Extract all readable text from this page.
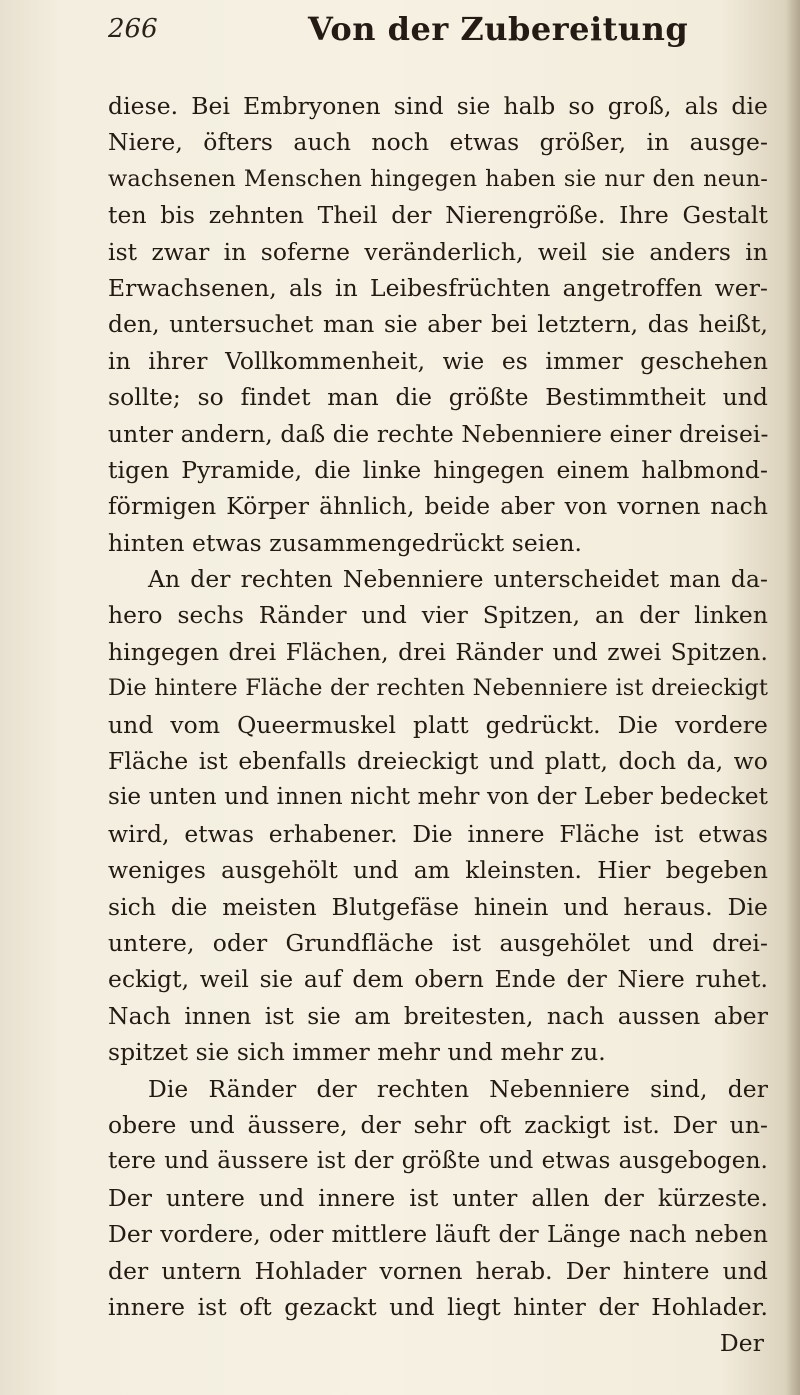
266	Von der Zubereitung
diese. Bei Embryonen sind sie halb so groß, als die
Niere, öfters auch noch etwas größer, in ausge-
wachsenen Menschen hingegen haben sie nur den neun-
ten bis zehnten Theil der Nierengröße. Ihre Gestalt
ist zwar in soferne veränderlich, weil sie anders in
Erwachsenen, als in Leibesfrüchten angetroffen wer-
den, untersuchet man sie aber bei letztern, das heißt,
in ihrer Vollkommenheit, wie es immer geschehen
sollte; so findet man die größte Bestimmtheit und
unter andern, daß die rechte Nebenniere einer dreisei-
tigen Pyramide, die linke hingegen einem halbmond-
förmigen Körper ähnlich, beide aber von vornen nach
hinten etwas zusammengedrückt seien.
An der rechten Nebenniere unterscheidet man da-
hero sechs Ränder und vier Spitzen, an der linken
hingegen drei Flächen, drei Ränder und zwei Spitzen.
Die hintere Fläche der rechten Nebenniere ist dreieckigt
und vom Queermuskel platt gedrückt. Die vordere
Fläche ist ebenfalls dreieckigt und platt, doch da, wo
sie unten und innen nicht mehr von der Leber bedecket
wird, etwas erhabener. Die innere Fläche ist etwas
weniges ausgehölt und am kleinsten. Hier begeben
sich die meisten Blutgefäse hinein und heraus. Die
untere, oder Grundfläche ist ausgehölet und drei-
eckigt, weil sie auf dem obern Ende der Niere ruhet.
Nach innen ist sie am breitesten, nach aussen aber
spitzet sie sich immer mehr und mehr zu.
Die Ränder der rechten Nebenniere sind, der
obere und äussere, der sehr oft zackigt ist. Der un-
tere und äussere ist der größte und etwas ausgebogen.
Der untere und innere ist unter allen der kürzeste.
Der vordere, oder mittlere läuft der Länge nach neben
der untern Hohlader vornen herab. Der hintere und
innere ist oft gezackt und liegt hinter der Hohlader.
Der
